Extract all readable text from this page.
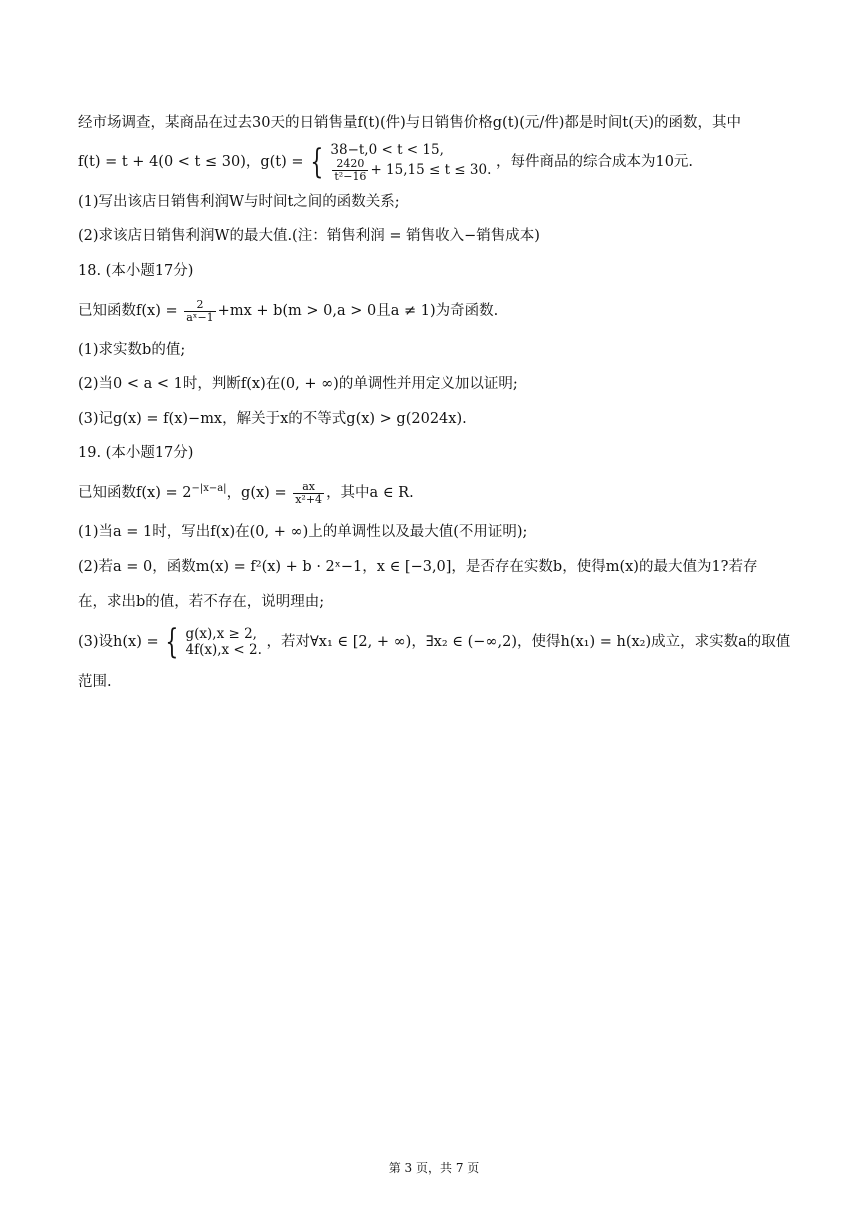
经市场调查，某商品在过去30天的日销售量f(t)(件)与日销售价格g(t)(元/件)都是时间t(天)的函数，其中
f(t) = t + 4(0 < t ≤ 30)，g(t) = { 38−t,0 < t < 15,
$\frac{2420}{\text{t²−16}} + 15,15 \le t \le 30$. ，每件商品的综合成本为10元.
(1)写出该店日销售利润W与时间t之间的函数关系;
(2)求该店日销售利润W的最大值.(注：销售利润 = 销售收入−销售成本)
18. (本小题17分)
已知函数$f(x) = \frac{2}{\text{aˣ−1}} +mx + b(m > 0,a > 0$且a ≠ 1)为奇函数.
(1)求实数b的值;
(2)当0 < a < 1时，判断f(x)在(0, + ∞)的单调性并用定义加以证明;
(3)记g(x) = f(x)−mx，解关于x的不等式g(x) > g(2024x).
19. (本小题17分)
已知函数$f(x) = 2^{-|x-a|}$，$g(x) = \frac{ax}{\text{x²+4}}$ ，其中a ∈ R.
(1)当a = 1时，写出f(x)在(0, + ∞)上的单调性以及最大值(不用证明);
(2)若a = 0，函数m(x) = f²(x) + b · 2ˣ−1，x ∈ [−3,0]，是否存在实数b，使得m(x)的最大值为1?若存
在，求出b的值，若不存在，说明理由;
(3)设h(x) = { g(x),x ≥ 2,
4f(x),x < 2. ，若对∀x₁ ∈ [2, + ∞)，∃x₂ ∈ (−∞,2)，使得h(x₁) = h(x₂)成立，求实数a的取值
范围.
第 3 页，共 7 页
